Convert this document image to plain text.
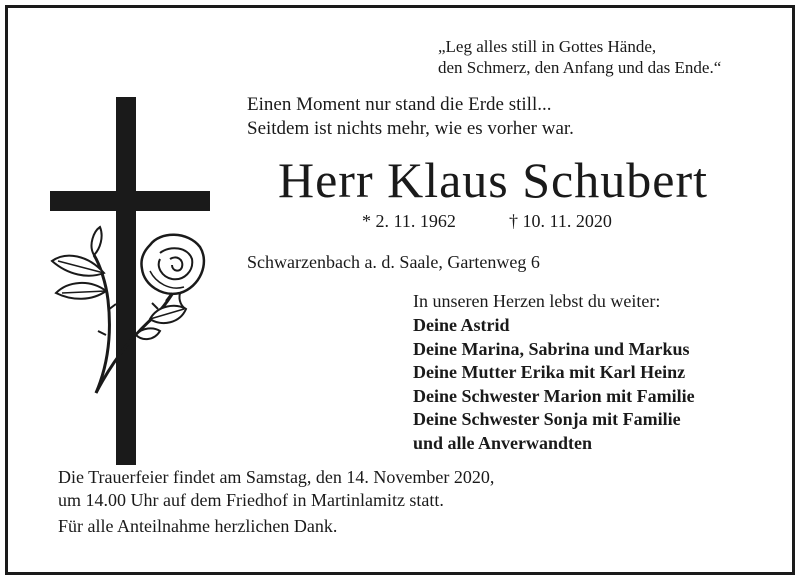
„Leg alles still in Gottes Hände,
den Schmerz, den Anfang und das Ende.“
Einen Moment nur stand die Erde still...
Seitdem ist nichts mehr, wie es vorher war.
Herr Klaus Schubert
* 2. 11. 1962	† 10. 11. 2020
Schwarzenbach a. d. Saale, Gartenweg 6
In unseren Herzen lebst du weiter:
Deine Astrid
Deine Marina, Sabrina und Markus
Deine Mutter Erika mit Karl Heinz
Deine Schwester Marion mit Familie
Deine Schwester Sonja mit Familie
und alle Anverwandten
Die Trauerfeier findet am Samstag, den 14. November 2020,
um 14.00 Uhr auf dem Friedhof in Martinlamitz statt.
Für alle Anteilnahme herzlichen Dank.
